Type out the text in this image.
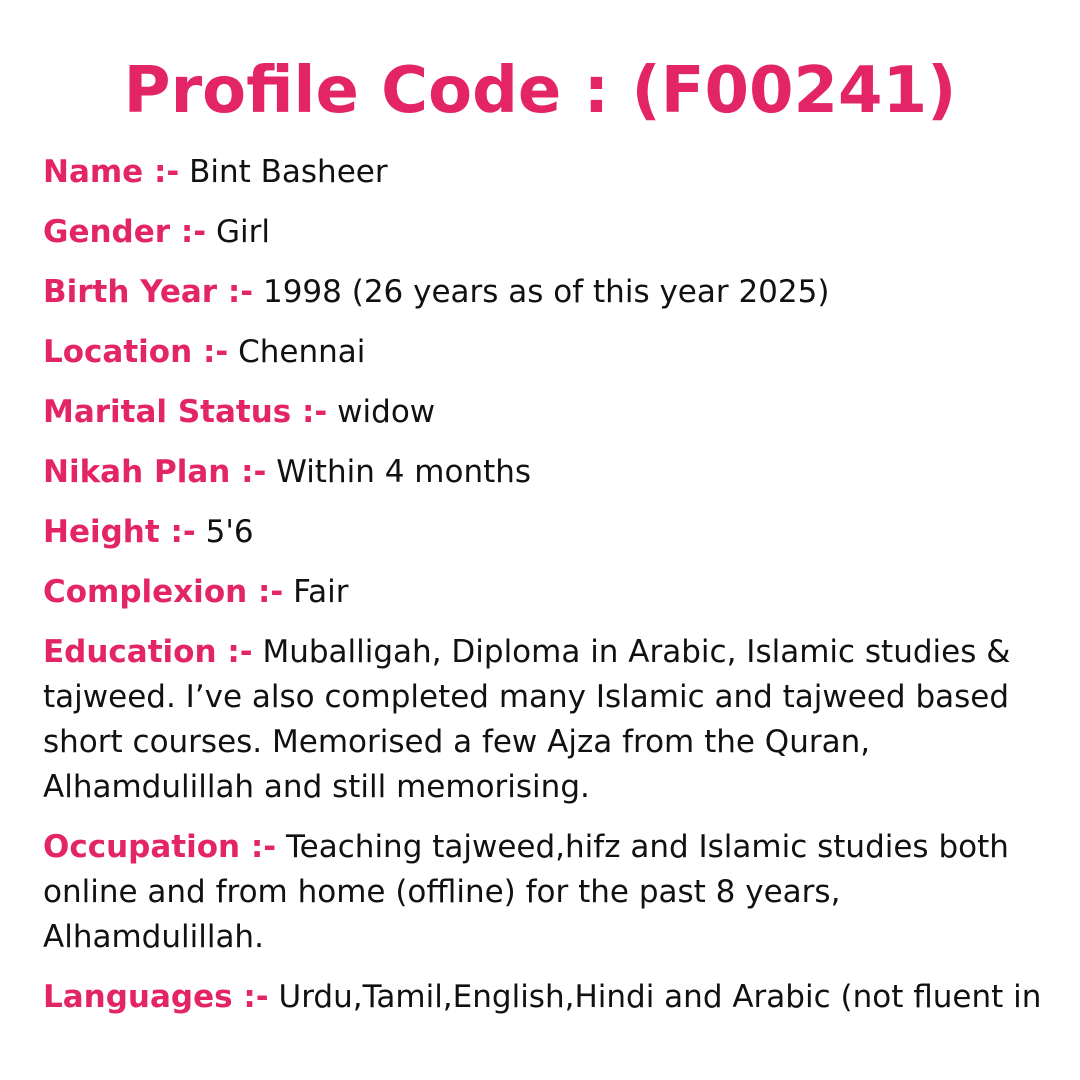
Profile Code : (F00241)

Name :- Bint Basheer

Gender :- Girl

Birth Year :- 1998 (26 years as of this year 2025)

Location :- Chennai

Marital Status :- widow

Nikah Plan :- Within 4 months

Height :- 5'6

Complexion :- Fair

Education :- Muballigah, Diploma in Arabic, Islamic studies & tajweed. I’ve also completed many Islamic and tajweed based short courses. Memorised a few Ajza from the Quran, Alhamdulillah and still memorising.

Occupation :- Teaching tajweed,hifz and Islamic studies both online and from home (offline) for the past 8 years, Alhamdulillah.

Languages :- Urdu,Tamil,English,Hindi and Arabic (not fluent in
